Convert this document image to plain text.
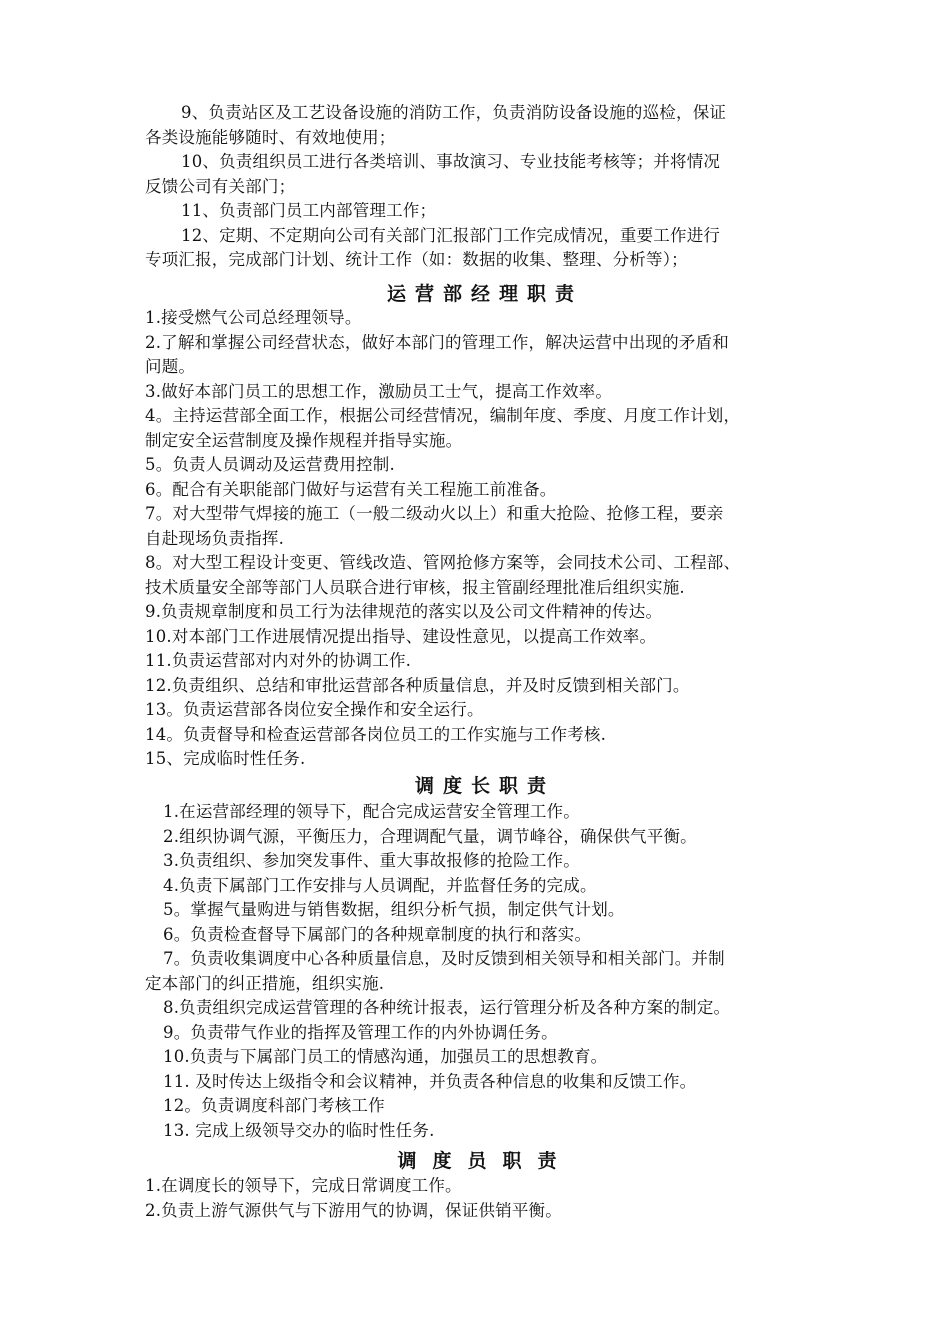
9、负责站区及工艺设备设施的消防工作，负责消防设备设施的巡检，保证
各类设施能够随时、有效地使用；
10、负责组织员工进行各类培训、事故演习、专业技能考核等；并将情况
反馈公司有关部门；
11、负责部门员工内部管理工作；
12、定期、不定期向公司有关部门汇报部门工作完成情况，重要工作进行
专项汇报，完成部门计划、统计工作（如：数据的收集、整理、分析等）；
运营部经理职责
1.接受燃气公司总经理领导。
2.了解和掌握公司经营状态，做好本部门的管理工作，解决运营中出现的矛盾和
问题。
3.做好本部门员工的思想工作，激励员工士气，提高工作效率。
4。主持运营部全面工作，根据公司经营情况，编制年度、季度、月度工作计划，
制定安全运营制度及操作规程并指导实施。
5。负责人员调动及运营费用控制.
6。配合有关职能部门做好与运营有关工程施工前准备。
7。对大型带气焊接的施工（一般二级动火以上）和重大抢险、抢修工程，要亲
自赴现场负责指挥.
8。对大型工程设计变更、管线改造、管网抢修方案等，会同技术公司、工程部、
技术质量安全部等部门人员联合进行审核，报主管副经理批准后组织实施.
9.负责规章制度和员工行为法律规范的落实以及公司文件精神的传达。
10.对本部门工作进展情况提出指导、建设性意见，以提高工作效率。
11.负责运营部对内对外的协调工作.
12.负责组织、总结和审批运营部各种质量信息，并及时反馈到相关部门。
13。负责运营部各岗位安全操作和安全运行。
14。负责督导和检查运营部各岗位员工的工作实施与工作考核.
15、完成临时性任务.
调度长职责
1.在运营部经理的领导下，配合完成运营安全管理工作。
2.组织协调气源，平衡压力，合理调配气量，调节峰谷，确保供气平衡。
3.负责组织、参加突发事件、重大事故报修的抢险工作。
4.负责下属部门工作安排与人员调配，并监督任务的完成。
5。掌握气量购进与销售数据，组织分析气损，制定供气计划。
6。负责检查督导下属部门的各种规章制度的执行和落实。
7。负责收集调度中心各种质量信息，及时反馈到相关领导和相关部门。并制
定本部门的纠正措施，组织实施.
8.负责组织完成运营管理的各种统计报表，运行管理分析及各种方案的制定。
9。负责带气作业的指挥及管理工作的内外协调任务。
10.负责与下属部门员工的情感沟通，加强员工的思想教育。
11. 及时传达上级指令和会议精神，并负责各种信息的收集和反馈工作。
12。负责调度科部门考核工作
13. 完成上级领导交办的临时性任务.
调度员职责
1.在调度长的领导下，完成日常调度工作。
2.负责上游气源供气与下游用气的协调，保证供销平衡。
